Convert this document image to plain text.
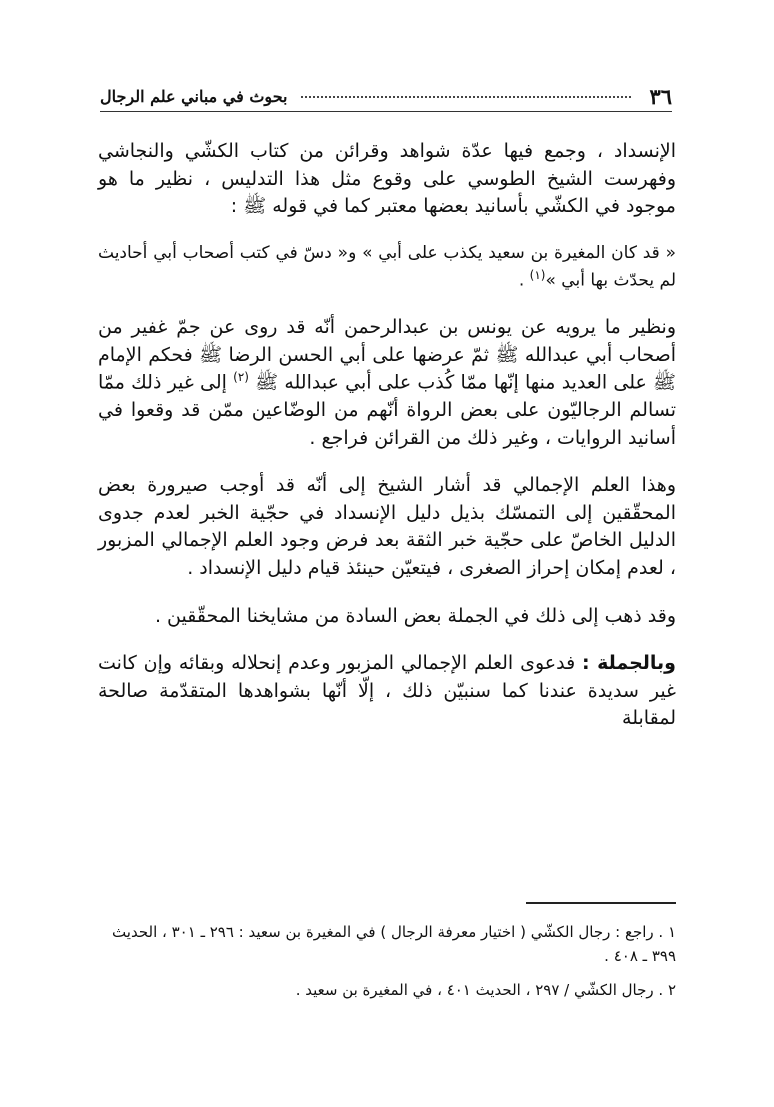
٣٦
بحوث في مباني علم الرجال

الإنسداد ، وجمع فيها عدّة شواهد وقرائن من كتاب الكشّي والنجاشي وفهرست الشيخ الطوسي على وقوع مثل هذا التدليس ، نظير ما هو موجود في الكشّي بأسانيد بعضها معتبر كما في قوله ﷺ :

« قد كان المغيرة بن سعيد يكذب على أبي » و« دسّ في كتب أصحاب أبي أحاديث لم يحدّث بها أبي »$^{(١)}$ .

ونظير ما يرويه عن يونس بن عبدالرحمن أنّه قد روى عن جمّ غفير من أصحاب أبي عبدالله ﷺ ثمّ عرضها على أبي الحسن الرضا ﷺ فحكم الإمام ﷺ على العديد منها إنّها ممّا كُذب على أبي عبدالله ﷺ $^{(٢)}$ إلى غير ذلك ممّا تسالم الرجاليّون على بعض الرواة أنّهم من الوضّاعين ممّن قد وقعوا في أسانيد الروايات ، وغير ذلك من القرائن فراجع .

وهذا العلم الإجمالي قد أشار الشيخ إلى أنّه قد أوجب صيرورة بعض المحقّقين إلى التمسّك بذيل دليل الإنسداد في حجّية الخبر لعدم جدوى الدليل الخاصّ على حجّية خبر الثقة بعد فرض وجود العلم الإجمالي المزبور ، لعدم إمكان إحراز الصغرى ، فيتعيّن حينئذ قيام دليل الإنسداد .

وقد ذهب إلى ذلك في الجملة بعض السادة من مشايخنا المحقّقين .

وبالجملة : فدعوى العلم الإجمالي المزبور وعدم إنحلاله وبقائه وإن كانت غير سديدة عندنا كما سنبيّن ذلك ، إلّا أنّها بشواهدها المتقدّمة صالحة لمقابلة

١ . راجع : رجال الكشّي ( اختيار معرفة الرجال ) في المغيرة بن سعيد : ٢٩٦ ـ ٣٠١ ، الحديث ٣٩٩ ـ ٤٠٨ .

٢ . رجال الكشّي / ٢٩٧ ، الحديث ٤٠١ ، في المغيرة بن سعيد .
